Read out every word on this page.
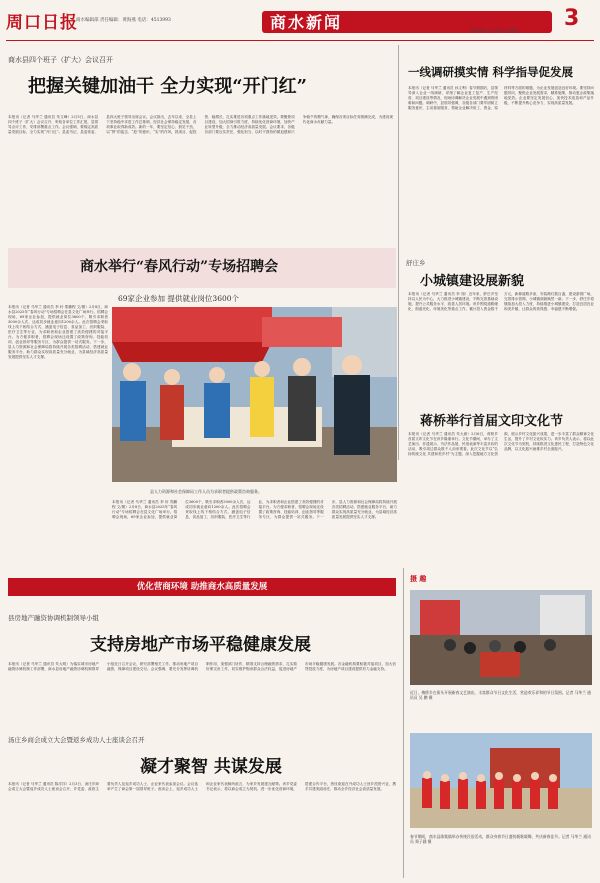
周口日报
商水编辑部 责任编辑：黄海燕 电话：4513993	商水新闻	2025年 2月 10日 星期一
3
商水县四个班子（扩大）会议召开
把握关键加油干 全力实现“开门红”
本报讯（记者 马华兰 通讯员 朱文峰）2月5日，商水县四个班子（扩大）会议召开，听取各单位工作汇报，县领导点评工作，安排部署重点工作。会议强调，要锚定高质量发展目标，全力实现“开门红”。县委书记、县委常委、县四大班子领导出席会议。会议指出，去年以来，全县上下坚持稳中求进工作总基调，经济社会保持稳定发展，各项事业取得新成效。新的一年，要坚定信心、鼓足干劲，以“拼”的姿态、“抢”的意识、“实”的作风，抓项目、促投资、稳增长，扎实推进各项重点工作落地见效。要聚焦项目建设，加大招商引资力度，持续优化营商环境，加快产业转型升级，全力推动经济高质量发展。会议要求，各级各部门要压实责任，强化担当，以时不我待的紧迫感和只争朝夕的精气神，确保各项目标任务圆满完成，为建设现代化商水贡献力量。
一线调研摸实情 科学指导促发展
本报讯（记者 马华兰 通讯员 孙文利）春节假期后，县领导深入企业一线调研，详细了解企业复工复产、生产经营、项目建设等情况，现场协调解决企业发展中遇到的困难和问题。调研中，县领导强调，各级各部门要牢固树立服务意识，主动靠前服务，帮助企业解决用工、资金、原材料等方面的难题，为企业发展创造良好环境。要坚持问题导向，聚焦企业发展需求，精准施策，推动惠企政策落地见效。企业要坚定发展信心，加快技术改造和产品升级，不断提升核心竞争力，实现高质量发展。
舒庄乡
小城镇建设展新貌
本报讯（记者 马华兰 通讯员 李 翔）近年来，舒庄乡坚持以人民为中心，大力推进小城镇建设，不断完善基础设施，提升公共服务水平，改善人居环境。该乡围绕道路硬化、街道亮化、环境美化等重点工作，累计投入资金数千万元，新修道路多条，安装路灯数百盏，建设游园广场，完善排水管网，小城镇面貌焕然一新。下一步，舒庄乡将继续加大投入力度，持续推进小城镇建设，打造宜居宜业和美乡镇，让群众的获得感、幸福感不断增强。
商水举行“春风行动”专场招聘会
69家企业参加 提供就业岗位3600个
本报讯（记者 马华兰 通讯员 李 轩 郑鹏程 文/图）2月8日，商水县2025年“春风行动”专场招聘会在县文化广场举行。招聘会现场，69家企业参加，提供就业岗位3600个，吸引求职者3000余人次，达成初步就业意向1200余人。此次招聘会采取线上线下相结合方式，涵盖电子信息、食品加工、纺织服装、医疗卫生等行业，为求职者和企业搭建了高效便捷的对接平台。为方便求职者，招聘会现场还设置了政策咨询、技能培训、创业指导等服务专区，为群众提供一站式服务。下一步，县人力资源和社会保障局将持续开展各类招聘活动，搭建就业服务平台，助力群众实现高质量充分就业，为县域经济高质量发展提供坚实人才支撑。
县人力资源和社会保障局工作人员为求职者提供政策咨询服务。
蒋桥举行首届文印文化节
本报讯（记者 马华兰 通讯员 朱大唐）2月6日，蒋桥乡首届文印文化节在该乡隆重举行。文化节期间，举办了文艺演出、非遗展示、书法作品展、民俗表演等丰富多彩的活动，吸引周边群众数千人前来观看。此次文化节以“弘扬传统文化 共建和美乡村”为主题，深入挖掘地方文化资源，展示乡村文化振兴成果，进一步丰富了群众精神文化生活，提升了乡村文化软实力。该乡负责人表示，将以此次文化节为契机，持续推进文化惠民工程，打造特色文化品牌，以文化振兴助推乡村全面振兴。
本报讯（记者 马华兰 通讯员 李 轩 郑鹏程 文/图）2月8日，商水县2025年“春风行动”专场招聘会在县文化广场举行。招聘会现场，69家企业参加，提供就业岗位3600个，吸引求职者3000余人次，达成初步就业意向1200余人。此次招聘会采取线上线下相结合方式，涵盖电子信息、食品加工、纺织服装、医疗卫生等行业，为求职者和企业搭建了高效便捷的对接平台。为方便求职者，招聘会现场还设置了政策咨询、技能培训、创业指导等服务专区，为群众提供一站式服务。下一步，县人力资源和社会保障局将持续开展各类招聘活动，搭建就业服务平台，助力群众实现高质量充分就业，为县域经济高质量发展提供坚实人才支撑。
优化营商环境 助推商水高质量发展
县房地产融资协调机制领导小组
支持房地产市场平稳健康发展
本报讯（记者 马华兰 通讯员 朱大明）为落实城市房地产融资协调机制工作部署，商水县房地产融资协调机制领导小组近日召开会议，研究部署相关工作，推动房地产项目融资，保障项目建设交付。会议强调，要充分发挥协调机制作用，加强部门协作，精准支持合理融资需求，扎实做好保交房工作，切实维护购房群众合法权益，促进房地产市场平稳健康发展。各金融机构要积极对接项目，加大信贷投放力度，为房地产项目建设提供有力金融支持。
汤庄乡商会成立大会暨返乡成功人士座谈会召开
凝才聚智 共谋发展
本报讯（记者 马华兰 通讯员 陈洋洋）2月3日，汤庄乡商会成立大会暨返乡成功人士座谈会召开，乡党委、政府主要负责人及返乡成功人士、企业家代表参加会议。会议选举产生了商会第一届领导班子。座谈会上，返乡成功人士和企业家代表畅所欲言，为家乡发展建言献策。该乡党委书记表示，将以商会成立为契机，进一步优化营商环境，搭建合作平台，热忱欢迎在外成功人士回乡投资兴业，携手共建美丽汤庄，推动全乡经济社会高质量发展。
摄 趣
近日，梅桥乡在街头开展新春文艺演出，丰富群众节日文化生活，营造欢乐祥和的节日氛围。记者 马华兰 通讯员 吴 鹏 摄
春节期间，商水县练集镇举办传统民俗活动，群众身着节日盛装载歌载舞，共庆新春佳节。记者 马华兰 通讯员 郑子涵 摄
